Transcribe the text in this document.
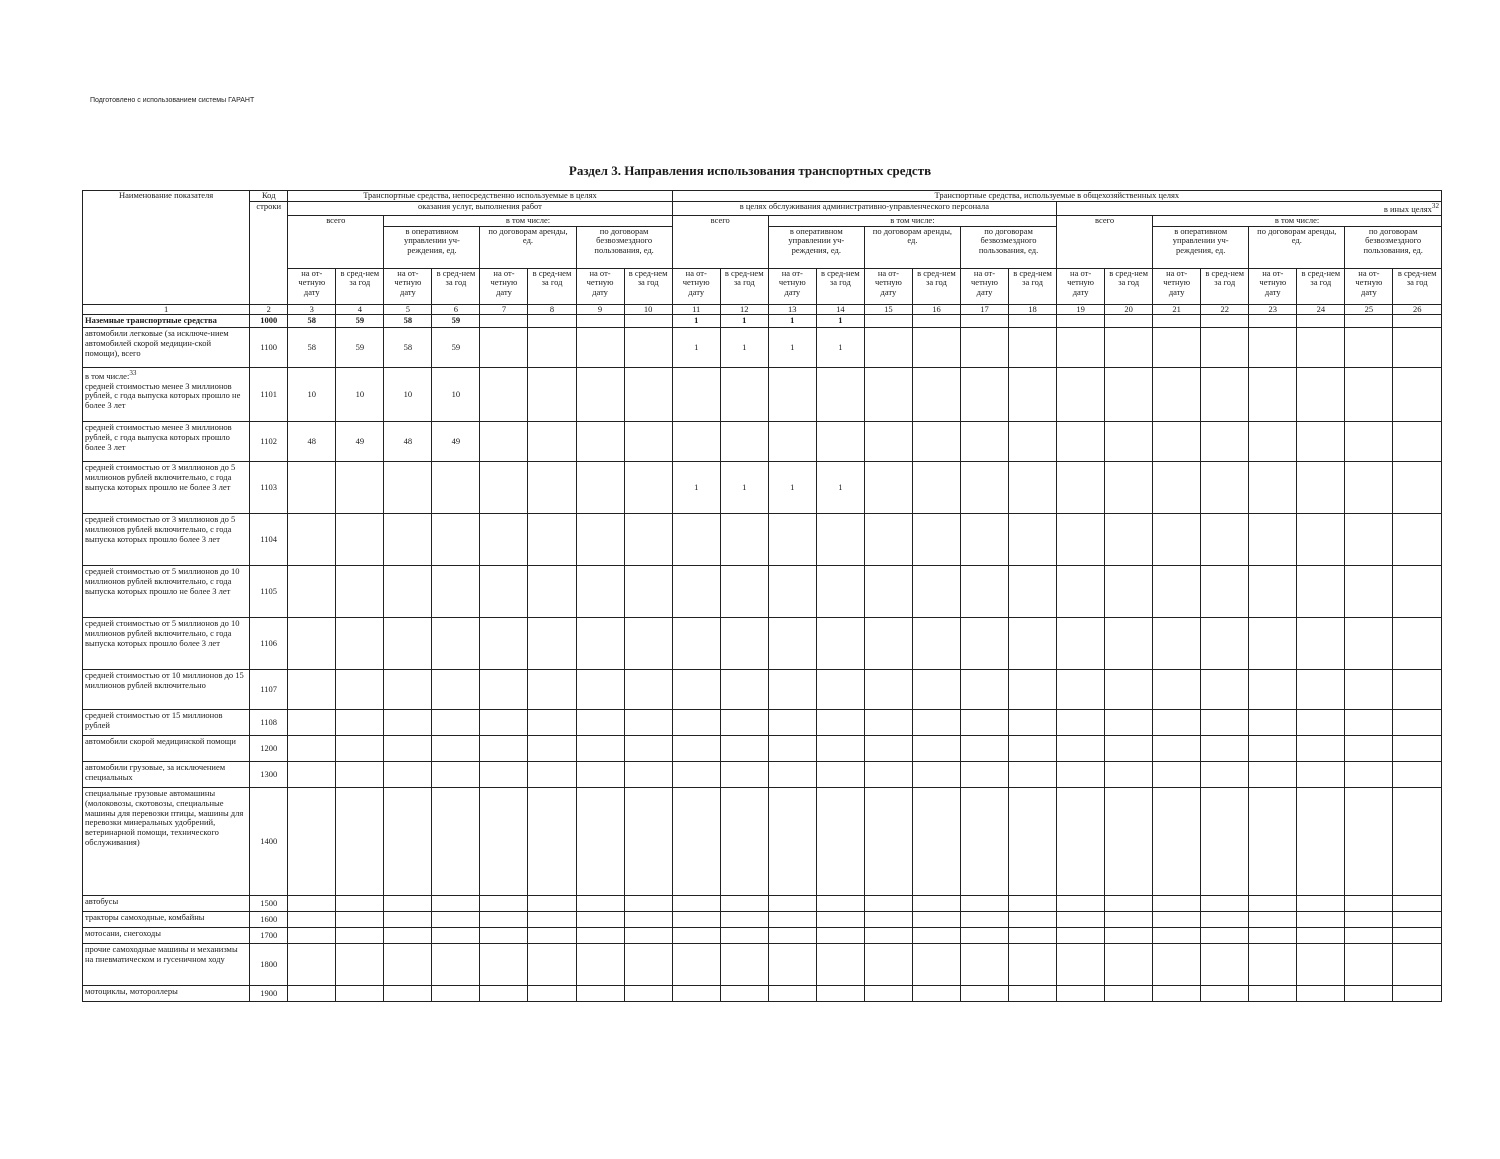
Подготовлено с использованием системы ГАРАНТ
Раздел 3. Направления использования транспортных средств
Наименование показателя	Код	Транспортные средства, непосредственно используемые в целях								Транспортные средства, используемые в общехозяйственных целях															
	строки	оказания услуг, выполнения работ								в целях обслуживания административно-управленческого персонала								в иных целях$^{32}$
		всего		в том числе:						всего		в том числе:						всего		в том числе:					
				в оперативном управлении уч-реждения, ед.		по договорам аренды, ед.		по договорам безвозмездного пользования, ед.				в оперативном управлении уч-реждения, ед.		по договорам аренды, ед.		по договорам безвозмездного пользования, ед.				в оперативном управлении уч-реждения, ед.		по договорам аренды, ед.		по договорам безвозмездного пользования, ед.	

		на от-четную дату	в сред-нем за год	на от-четную дату	в сред-нем за год	на от-четную дату	в сред-нем за год	на от-четную дату	в сред-нем за год	на от-четную дату	в сред-нем за год	на от-четную дату	в сред-нем за год	на от-четную дату	в сред-нем за год	на от-четную дату	в сред-нем за год	на от-четную дату	в сред-нем за год	на от-четную дату	в сред-нем за год	на от-четную дату	в сред-нем за год	на от-четную дату	в сред-нем за год
1	2	3	4	5	6	7	8	9	10	11	12	13	14	15	16	17	18	19	20	21	22	23	24	25	26
Наземные транспортные средства	1000	58	59	58	59					1	1	1	1												
автомобили легковые (за исключе-нием автомобилей скорой медицин-ской помощи), всего	1100	58	59	58	59					1	1	1	1												
в том числе:$^{33}$
средней стоимостью менее 3 миллионов рублей, с года выпуска которых прошло не более 3 лет	1101	10	10	10	10																				
средней стоимостью менее 3 миллионов рублей, с года выпуска которых прошло более 3 лет	1102	48	49	48	49																				
средней стоимостью от 3 миллионов до 5 миллионов рублей включительно, с года выпуска которых прошло не более 3 лет	1103									1	1	1	1												
средней стоимостью от 3 миллионов до 5 миллионов рублей включительно, с года выпуска которых прошло более 3 лет	1104																								
средней стоимостью от 5 миллионов до 10 миллионов рублей включительно, с года выпуска которых прошло не более 3 лет	1105																								
средней стоимостью от 5 миллионов до 10 миллионов рублей включительно, с года выпуска которых прошло более 3 лет	1106																								
средней стоимостью от 10 миллионов до 15 миллионов рублей включительно	1107																								
средней стоимостью от 15 миллионов рублей	1108																								
автомобили скорой медицинской помощи	1200																								
автомобили грузовые, за исключением специальных	1300																								
специальные грузовые автомашины (молоковозы, скотовозы, специальные машины для перевозки птицы, машины для перевозки минеральных удобрений, ветеринарной помощи, технического обслуживания)	1400																								
автобусы	1500																								
тракторы самоходные, комбайны	1600																								
мотосани, снегоходы	1700																								
прочие самоходные машины и механизмы на пневматическом и гусеничном ходу	1800																								
мотоциклы, мотороллеры	1900																								
